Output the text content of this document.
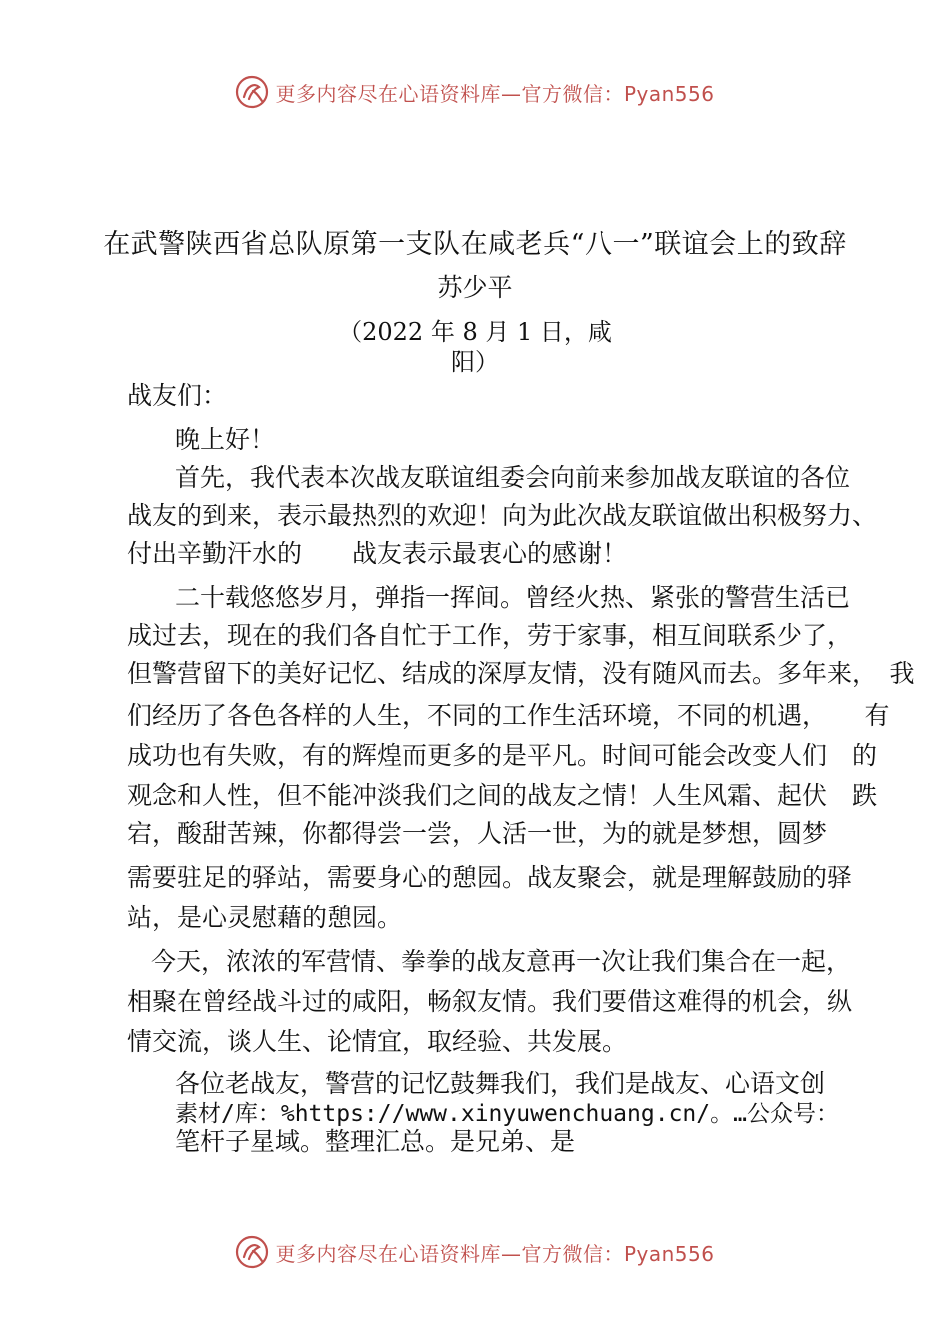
更多内容尽在心语资料库—官方微信：Pyan556
在武警陕西省总队原第一支队在咸老兵“八一”联谊会上的致辞
苏少平
（2022 年 8 月 1 日，咸
阳）
战友们：
晚上好！
首先，我代表本次战友联谊组委会向前来参加战友联谊的各位
战友的到来，表示最热烈的欢迎！向为此次战友联谊做出积极努力、
付出辛勤汗水的　　战友表示最衷心的感谢！
二十载悠悠岁月，弹指一挥间。曾经火热、紧张的警营生活已
成过去，现在的我们各自忙于工作，劳于家事，相互间联系少了，
但警营留下的美好记忆、结成的深厚友情，没有随风而去。多年来，　我
们经历了各色各样的人生，不同的工作生活环境，不同的机遇，　　有
成功也有失败，有的辉煌而更多的是平凡。时间可能会改变人们　的
观念和人性，但不能冲淡我们之间的战友之情！人生风霜、起伏　跌
宕，酸甜苦辣，你都得尝一尝，人活一世，为的就是梦想，圆梦
需要驻足的驿站，需要身心的憩园。战友聚会，就是理解鼓励的驿
站，是心灵慰藉的憩园。
今天，浓浓的军营情、拳拳的战友意再一次让我们集合在一起，
相聚在曾经战斗过的咸阳，畅叙友情。我们要借这难得的机会，纵
情交流，谈人生、论情宜，取经验、共发展。
各位老战友，警营的记忆鼓舞我们，我们是战友、心语文创
素材/库：%https://www.xinyuwenchuang.cn/。…公众号：
笔杆子星域。整理汇总。是兄弟、是
更多内容尽在心语资料库—官方微信：Pyan556
